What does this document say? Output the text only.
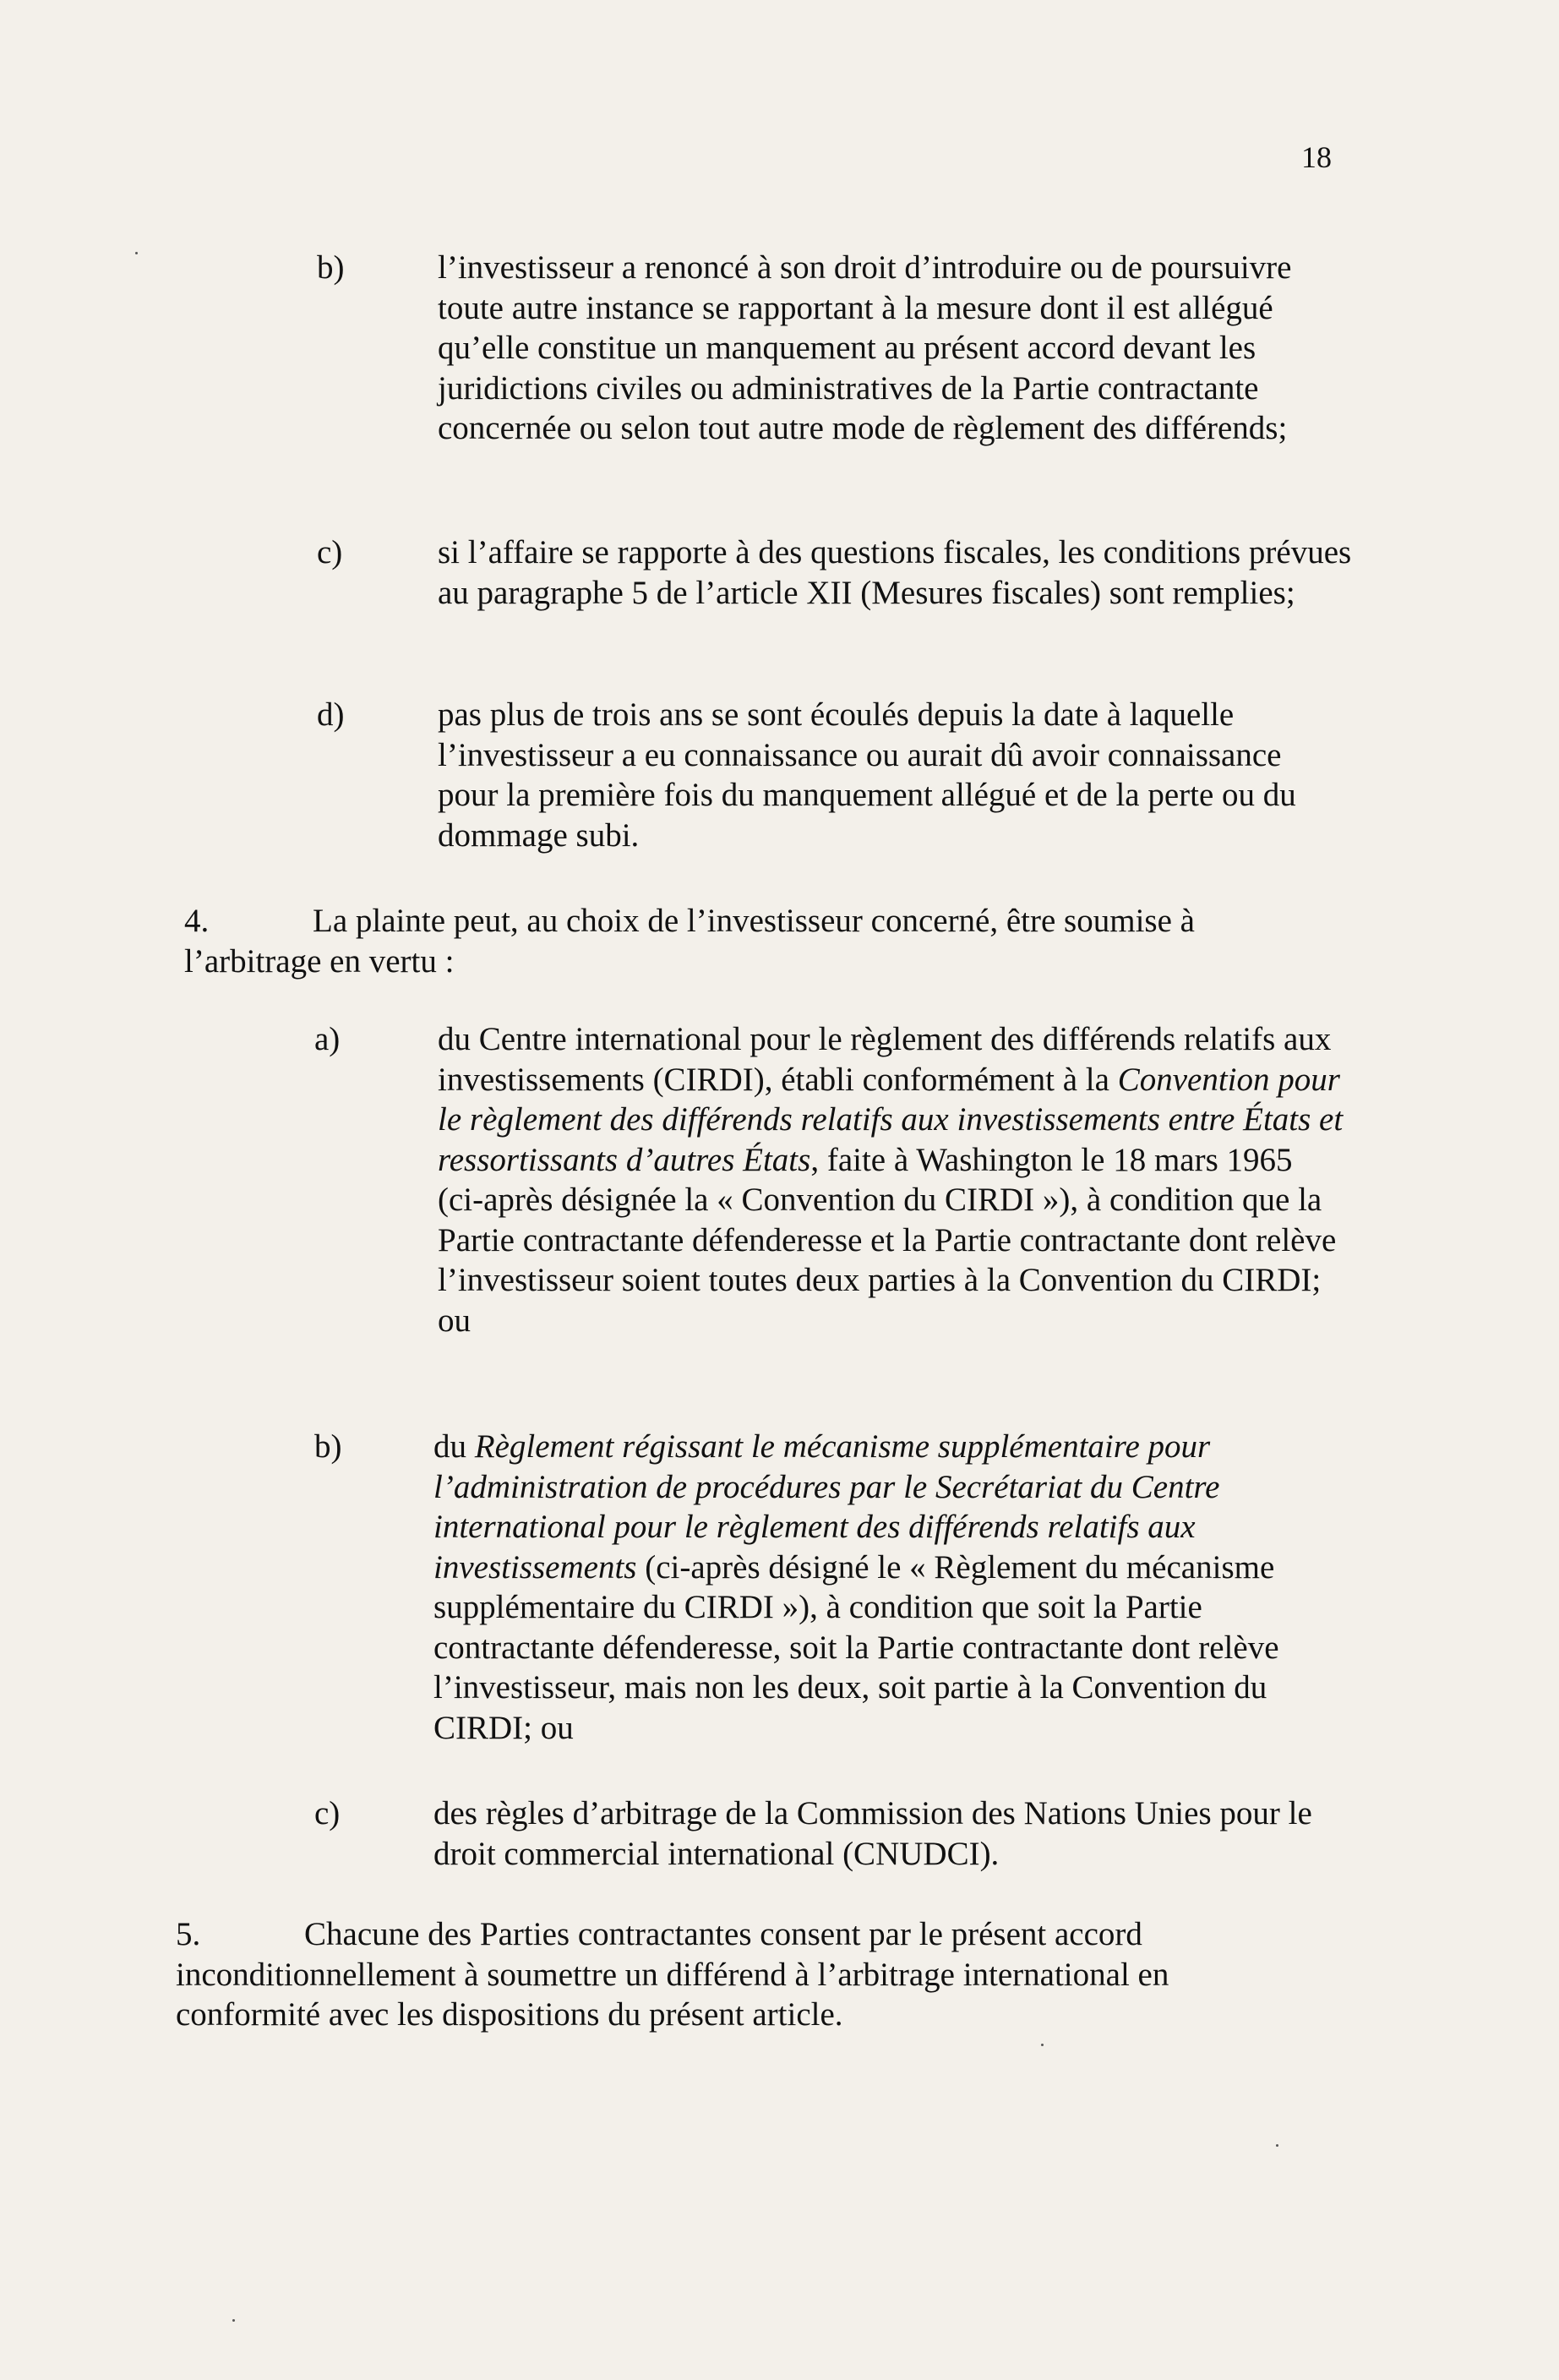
18
b)	l’investisseur a renoncé à son droit d’introduire ou de poursuivre toute autre instance se rapportant à la mesure dont il est allégué qu’elle constitue un manquement au présent accord devant les juridictions civiles ou administratives de la Partie contractante concernée ou selon tout autre mode de règlement des différends;
c)	si l’affaire se rapporte à des questions fiscales, les conditions prévues au paragraphe 5 de l’article XII (Mesures fiscales) sont remplies;
d)	pas plus de trois ans se sont écoulés depuis la date à laquelle l’investisseur a eu connaissance ou aurait dû avoir connaissance pour la première fois du manquement allégué et de la perte ou du dommage subi.
4.	La plainte peut, au choix de l’investisseur concerné, être soumise à
l’arbitrage en vertu :
a)	du Centre international pour le règlement des différends relatifs aux investissements (CIRDI), établi conformément à la Convention pour le règlement des différends relatifs aux investissements entre États et ressortissants d’autres États, faite à Washington le 18 mars 1965 (ci-après désignée la « Convention du CIRDI »), à condition que la Partie contractante défenderesse et la Partie contractante dont relève l’investisseur soient toutes deux parties à la Convention du CIRDI; ou
b)	du Règlement régissant le mécanisme supplémentaire pour l’administration de procédures par le Secrétariat du Centre international pour le règlement des différends relatifs aux investissements (ci-après désigné le « Règlement du mécanisme supplémentaire du CIRDI »), à condition que soit la Partie contractante défenderesse, soit la Partie contractante dont relève l’investisseur, mais non les deux, soit partie à la Convention du CIRDI; ou
c)	des règles d’arbitrage de la Commission des Nations Unies pour le droit commercial international (CNUDCI).
5.	Chacune des Parties contractantes consent par le présent accord
inconditionnellement à soumettre un différend à l’arbitrage international en
conformité avec les dispositions du présent article.
